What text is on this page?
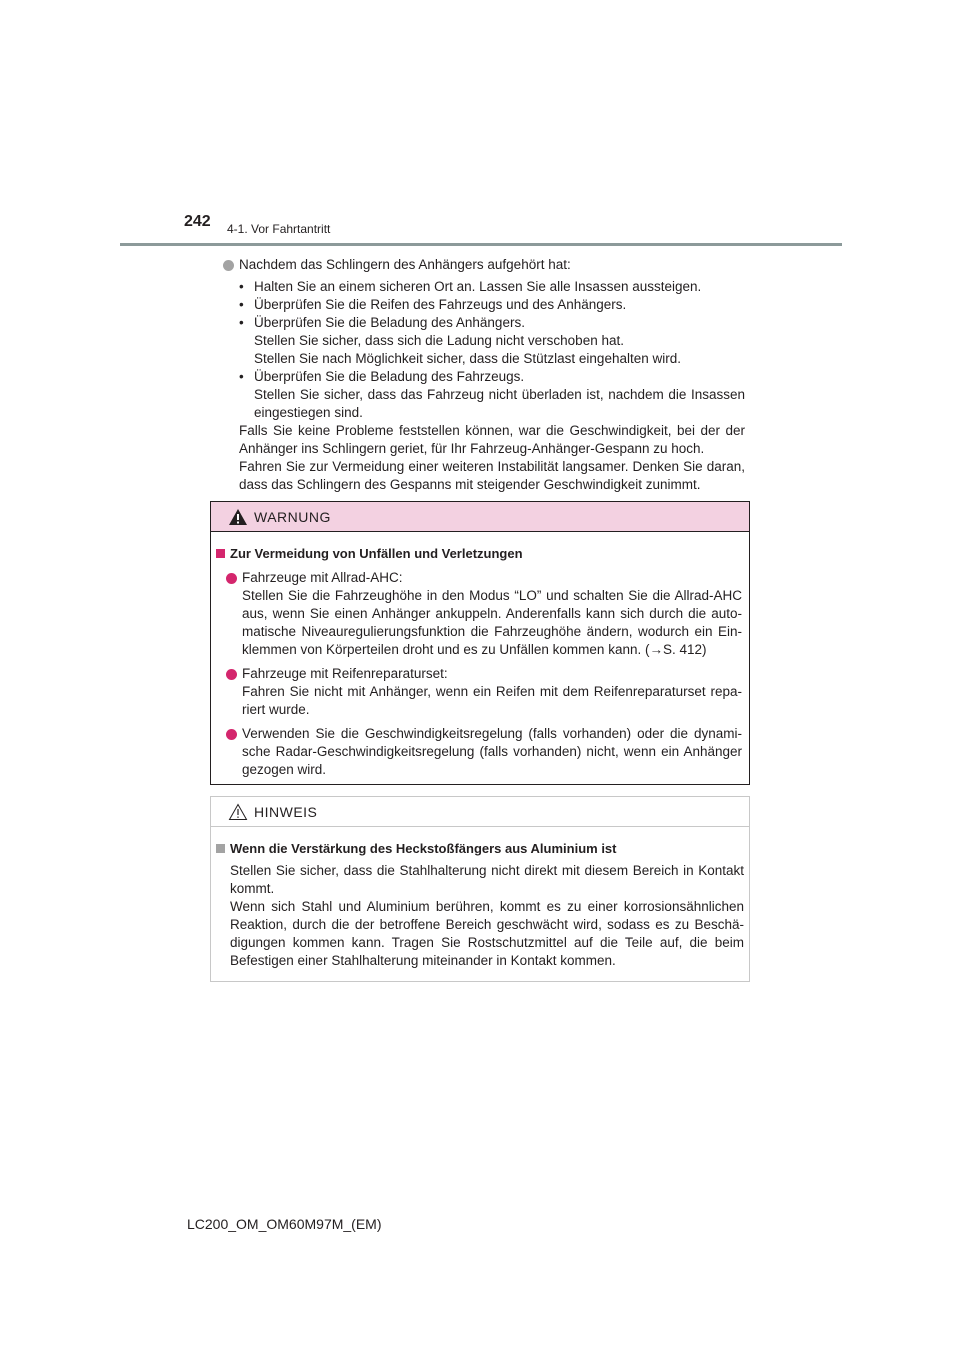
242 4-1. Vor Fahrtantritt
Nachdem das Schlingern des Anhängers aufgehört hat:
• Halten Sie an einem sicheren Ort an. Lassen Sie alle Insassen aussteigen.
• Überprüfen Sie die Reifen des Fahrzeugs und des Anhängers.
• Überprüfen Sie die Beladung des Anhängers.
Stellen Sie sicher, dass sich die Ladung nicht verschoben hat.
Stellen Sie nach Möglichkeit sicher, dass die Stützlast eingehalten wird.
• Überprüfen Sie die Beladung des Fahrzeugs.
Stellen Sie sicher, dass das Fahrzeug nicht überladen ist, nachdem die Insassen eingestiegen sind.

Falls Sie keine Probleme feststellen können, war die Geschwindigkeit, bei der der Anhänger ins Schlingern geriet, für Ihr Fahrzeug-Anhänger-Gespann zu hoch.

Fahren Sie zur Vermeidung einer weiteren Instabilität langsamer. Denken Sie daran, dass das Schlingern des Gespanns mit steigender Geschwindigkeit zunimmt.

WARNUNG
Zur Vermeidung von Unfällen und Verletzungen

Fahrzeuge mit Allrad-AHC:

Stellen Sie die Fahrzeughöhe in den Modus “LO” und schalten Sie die Allrad-AHC aus, wenn Sie einen Anhänger ankuppeln. Anderenfalls kann sich durch die automatische Niveauregulierungsfunktion die Fahrzeughöhe ändern, wodurch ein Einklemmen von Körperteilen droht und es zu Unfällen kommen kann. (→S. 412)

Fahrzeuge mit Reifenreparaturset:

Fahren Sie nicht mit Anhänger, wenn ein Reifen mit dem Reifenreparaturset repariert wurde.

Verwenden Sie die Geschwindigkeitsregelung (falls vorhanden) oder die dynamische Radar-Geschwindigkeitsregelung (falls vorhanden) nicht, wenn ein Anhänger gezogen wird.

HINWEIS
Wenn die Verstärkung des Heckstoßfängers aus Aluminium ist

Stellen Sie sicher, dass die Stahlhalterung nicht direkt mit diesem Bereich in Kontakt kommt.

Wenn sich Stahl und Aluminium berühren, kommt es zu einer korrosionsähnlichen Reaktion, durch die der betroffene Bereich geschwächt wird, sodass es zu Beschädigungen kommen kann. Tragen Sie Rostschutzmittel auf die Teile auf, die beim Befestigen einer Stahlhalterung miteinander in Kontakt kommen.

LC200_OM_OM60M97M_(EM)
